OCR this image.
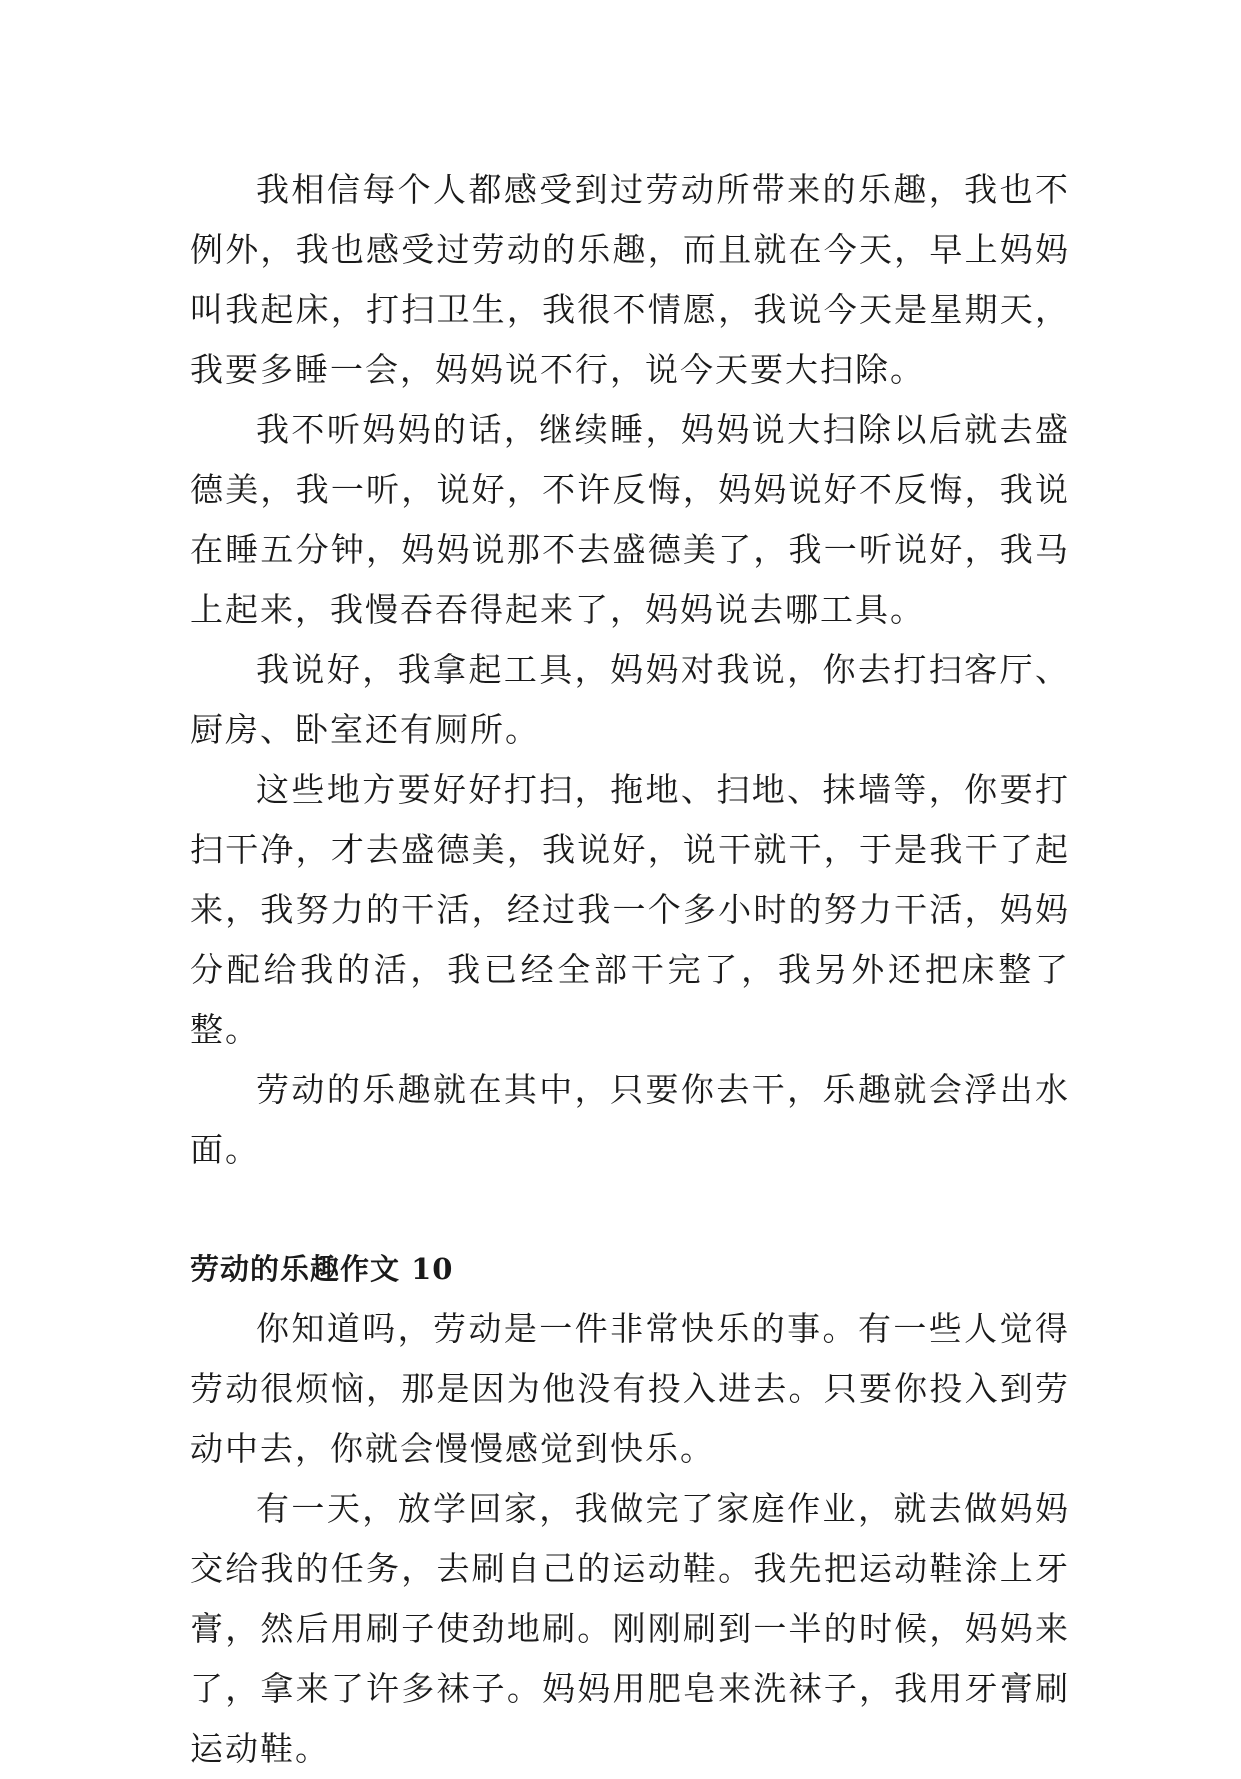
我相信每个人都感受到过劳动所带来的乐趣，我也不例外，我也感受过劳动的乐趣，而且就在今天，早上妈妈叫我起床，打扫卫生，我很不情愿，我说今天是星期天，我要多睡一会，妈妈说不行，说今天要大扫除。

我不听妈妈的话，继续睡，妈妈说大扫除以后就去盛德美，我一听，说好，不许反悔，妈妈说好不反悔，我说在睡五分钟，妈妈说那不去盛德美了，我一听说好，我马上起来，我慢吞吞得起来了，妈妈说去哪工具。

我说好，我拿起工具，妈妈对我说，你去打扫客厅、厨房、卧室还有厕所。

这些地方要好好打扫，拖地、扫地、抹墙等，你要打扫干净，才去盛德美，我说好，说干就干，于是我干了起来，我努力的干活，经过我一个多小时的努力干活，妈妈分配给我的活，我已经全部干完了，我另外还把床整了整。

劳动的乐趣就在其中，只要你去干，乐趣就会浮出水面。

劳动的乐趣作文 10

你知道吗，劳动是一件非常快乐的事。有一些人觉得劳动很烦恼，那是因为他没有投入进去。只要你投入到劳动中去，你就会慢慢感觉到快乐。

有一天，放学回家，我做完了家庭作业，就去做妈妈交给我的任务，去刷自己的运动鞋。我先把运动鞋涂上牙膏，然后用刷子使劲地刷。刚刚刷到一半的时候，妈妈来了，拿来了许多袜子。妈妈用肥皂来洗袜子，我用牙膏刷运动鞋。
